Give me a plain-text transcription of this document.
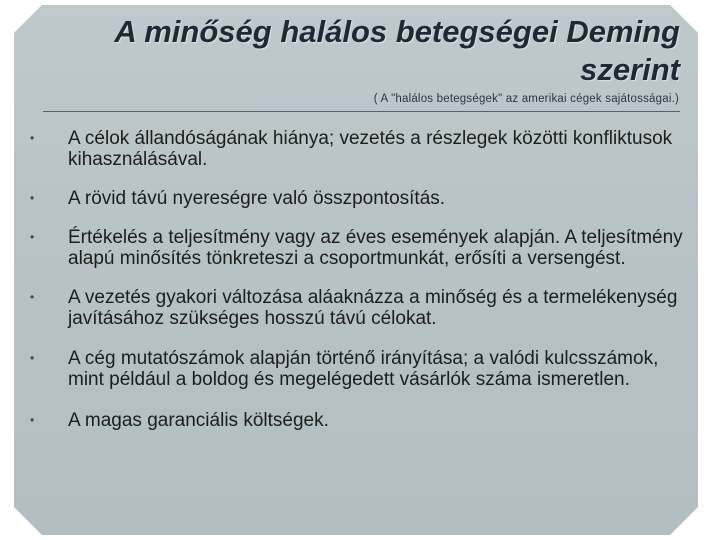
A minőség halálos betegségei Deming szerint

( A "halálos betegségek" az amerikai cégek sajátosságai.)

•	A célok állandóságának hiánya; vezetés a részlegek közötti konfliktusok kihasználásával.
•	A rövid távú nyereségre való összpontosítás.
•	Értékelés a teljesítmény vagy az éves események alapján. A teljesítmény alapú minősítés tönkreteszi a csoportmunkát, erősíti a versengést.
•	A vezetés gyakori változása aláaknázza a minőség és a termelékenység javításához szükséges hosszú távú célokat.
•	A cég mutatószámok alapján történő irányítása; a valódi kulcsszámok, mint például a boldog és megelégedett vásárlók száma ismeretlen.
•	A magas garanciális költségek.
